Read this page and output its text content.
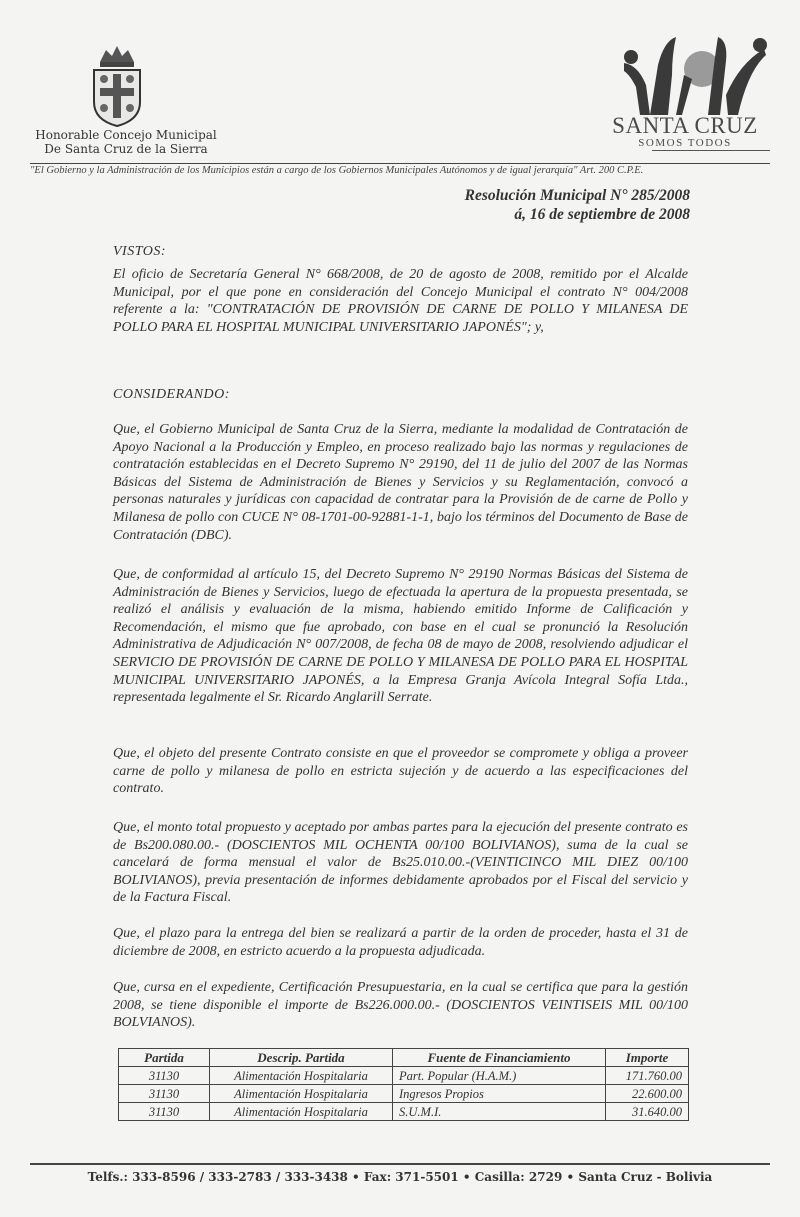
Honorable Concejo Municipal
De Santa Cruz de la Sierra
SANTA CRUZ
SOMOS TODOS
"El Gobierno y la Administración de los Municipios están a cargo de los Gobiernos Municipales Autónomos y de igual jerarquía" Art. 200 C.P.E.
Resolución Municipal N° 285/2008
á, 16 de septiembre de 2008
VISTOS:
El oficio de Secretaría General N° 668/2008, de 20 de agosto de 2008, remitido por el Alcalde Municipal, por el que pone en consideración del Concejo Municipal el contrato N° 004/2008 referente a la: "CONTRATACIÓN DE PROVISIÓN DE CARNE DE POLLO Y MILANESA DE POLLO PARA EL HOSPITAL MUNICIPAL UNIVERSITARIO JAPONÉS"; y,
CONSIDERANDO:
Que, el Gobierno Municipal de Santa Cruz de la Sierra, mediante la modalidad de Contratación de Apoyo Nacional a la Producción y Empleo, en proceso realizado bajo las normas y regulaciones de contratación establecidas en el Decreto Supremo N° 29190, del 11 de julio del 2007 de las Normas Básicas del Sistema de Administración de Bienes y Servicios y su Reglamentación, convocó a personas naturales y jurídicas con capacidad de contratar para la Provisión de de carne de Pollo y Milanesa de pollo con CUCE N° 08-1701-00-92881-1-1, bajo los términos del Documento de Base de Contratación (DBC).
Que, de conformidad al artículo 15, del Decreto Supremo N° 29190 Normas Básicas del Sistema de Administración de Bienes y Servicios, luego de efectuada la apertura de la propuesta presentada, se realizó el análisis y evaluación de la misma, habiendo emitido Informe de Calificación y Recomendación, el mismo que fue aprobado, con base en el cual se pronunció la Resolución Administrativa de Adjudicación N° 007/2008, de fecha 08 de mayo de 2008, resolviendo adjudicar el SERVICIO DE PROVISIÓN DE CARNE DE POLLO Y MILANESA DE POLLO PARA EL HOSPITAL MUNICIPAL UNIVERSITARIO JAPONÉS, a la Empresa Granja Avícola Integral Sofía Ltda., representada legalmente el Sr. Ricardo Anglarill Serrate.
Que, el objeto del presente Contrato consiste en que el proveedor se compromete y obliga a proveer carne de pollo y milanesa de pollo en estricta sujeción y de acuerdo a las especificaciones del contrato.
Que, el monto total propuesto y aceptado por ambas partes para la ejecución del presente contrato es de Bs200.080.00.- (DOSCIENTOS MIL OCHENTA 00/100 BOLIVIANOS), suma de la cual se cancelará de forma mensual el valor de Bs25.010.00.-(VEINTICINCO MIL DIEZ 00/100 BOLIVIANOS), previa presentación de informes debidamente aprobados por el Fiscal del servicio y de la Factura Fiscal.
Que, el plazo para la entrega del bien se realizará a partir de la orden de proceder, hasta el 31 de diciembre de 2008, en estricto acuerdo a la propuesta adjudicada.
Que, cursa en el expediente, Certificación Presupuestaria, en la cual se certifica que para la gestión 2008, se tiene disponible el importe de Bs226.000.00.- (DOSCIENTOS VEINTISEIS MIL 00/100 BOLVIANOS).
Partida	Descrip. Partida	Fuente de Financiamiento	Importe
31130	Alimentación Hospitalaria	Part. Popular (H.A.M.)	171.760.00
31130	Alimentación Hospitalaria	Ingresos Propios	22.600.00
31130	Alimentación Hospitalaria	S.U.M.I.	31.640.00
Telfs.: 333-8596 / 333-2783 / 333-3438 • Fax: 371-5501 • Casilla: 2729 • Santa Cruz - Bolivia
